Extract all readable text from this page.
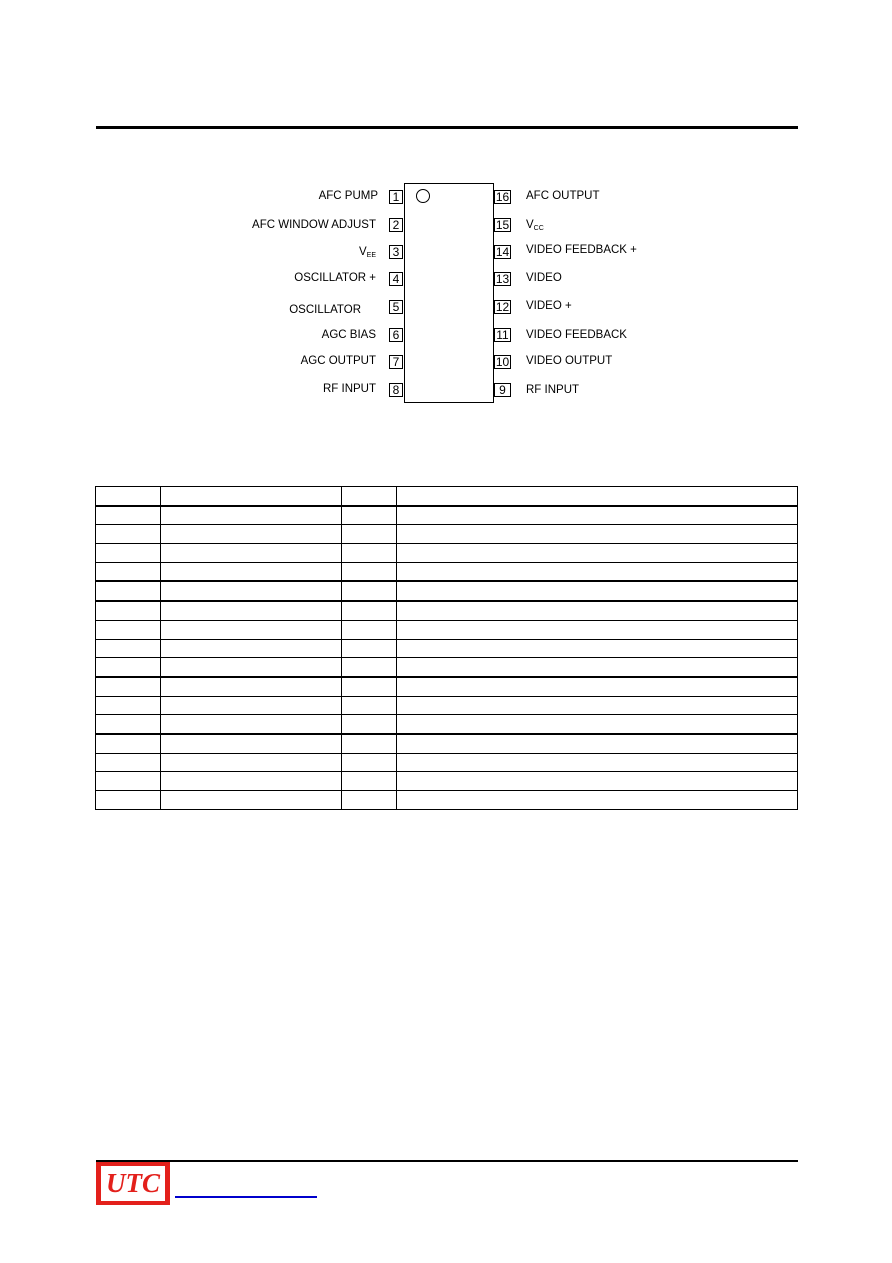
1
AFC PUMP
2
AFC WINDOW ADJUST
3
$V_{EE}$
4
OSCILLATOR +
5
OSCILLATOR
6
AGC BIAS
7
AGC OUTPUT
8
RF INPUT
16 AFC OUTPUT
15 $V_{CC}$
14 VIDEO FEEDBACK +
13 VIDEO
12 VIDEO +
11 VIDEO FEEDBACK
10 VIDEO OUTPUT
9	RF INPUT

UTC
